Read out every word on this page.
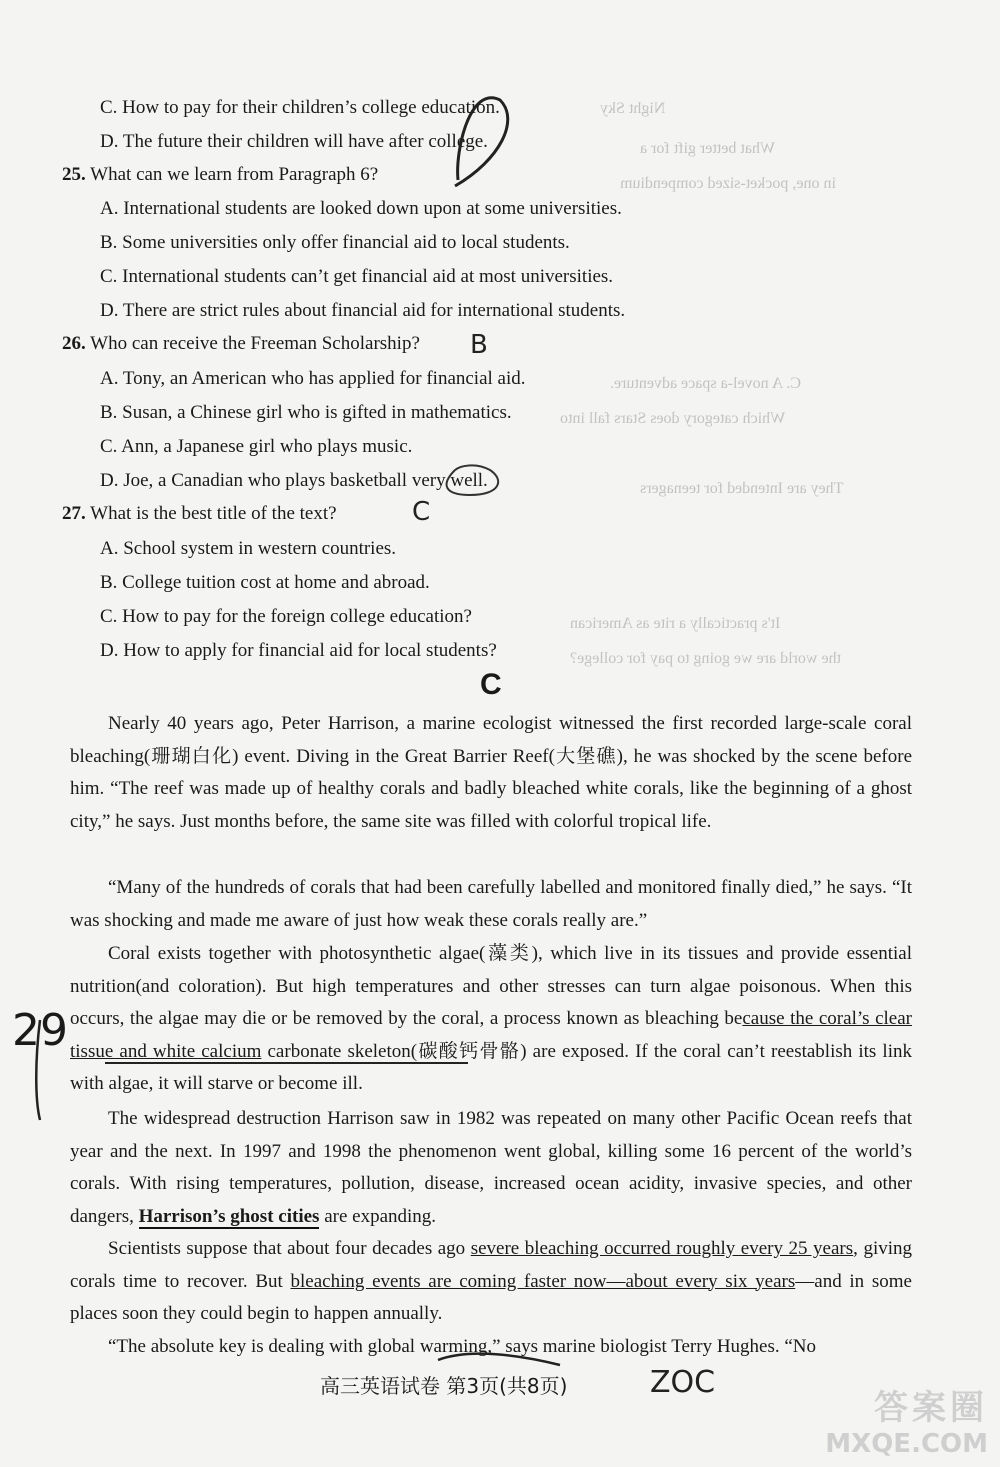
Night Sky
What better gift for a
in one, pocket-sized compendium
C. A novel-a space adventure.
Which category does Stars fall into
They are Intended for teenagers
It's practically a rite as American
the world are we going to pay for college?
C. How to pay for their children’s college education.
D. The future their children will have after college.
25. What can we learn from Paragraph 6?
A. International students are looked down upon at some universities.
B. Some universities only offer financial aid to local students.
C. International students can’t get financial aid at most universities.
D. There are strict rules about financial aid for international students.
26. Who can receive the Freeman Scholarship?
A. Tony, an American who has applied for financial aid.
B. Susan, a Chinese girl who is gifted in mathematics.
C. Ann, a Japanese girl who plays music.
D. Joe, a Canadian who plays basketball very well.
27. What is the best title of the text?
A. School system in western countries.
B. College tuition cost at home and abroad.
C. How to pay for the foreign college education?
D. How to apply for financial aid for local students?
C
Nearly 40 years ago, Peter Harrison, a marine ecologist witnessed the first recorded large-scale coral bleaching(珊瑚白化) event. Diving in the Great Barrier Reef(大堡礁), he was shocked by the scene before him. “The reef was made up of healthy corals and badly bleached white corals, like the beginning of a ghost city,” he says. Just months before, the same site was filled with colorful tropical life.
“Many of the hundreds of corals that had been carefully labelled and monitored finally died,” he says. “It was shocking and made me aware of just how weak these corals really are.”
Coral exists together with photosynthetic algae(藻类), which live in its tissues and provide essential nutrition(and coloration). But high temperatures and other stresses can turn algae poisonous. When this occurs, the algae may die or be removed by the coral, a process known as bleaching because the coral’s clear tissue and white calcium carbonate skeleton(碳酸钙骨骼) are exposed. If the coral can’t reestablish its link with algae, it will starve or become ill.
The widespread destruction Harrison saw in 1982 was repeated on many other Pacific Ocean reefs that year and the next. In 1997 and 1998 the phenomenon went global, killing some 16 percent of the world’s corals. With rising temperatures, pollution, disease, increased ocean acidity, invasive species, and other dangers, Harrison’s ghost cities are expanding.
Scientists suppose that about four decades ago severe bleaching occurred roughly every 25 years, giving corals time to recover. But bleaching events are coming faster now—about every six years—and in some places soon they could begin to happen annually.
“The absolute key is dealing with global warming,” says marine biologist Terry Hughes. “No
高三英语试卷 第3页(共8页)
B
C
ZOC
29
答案圈
MXQE.COM
